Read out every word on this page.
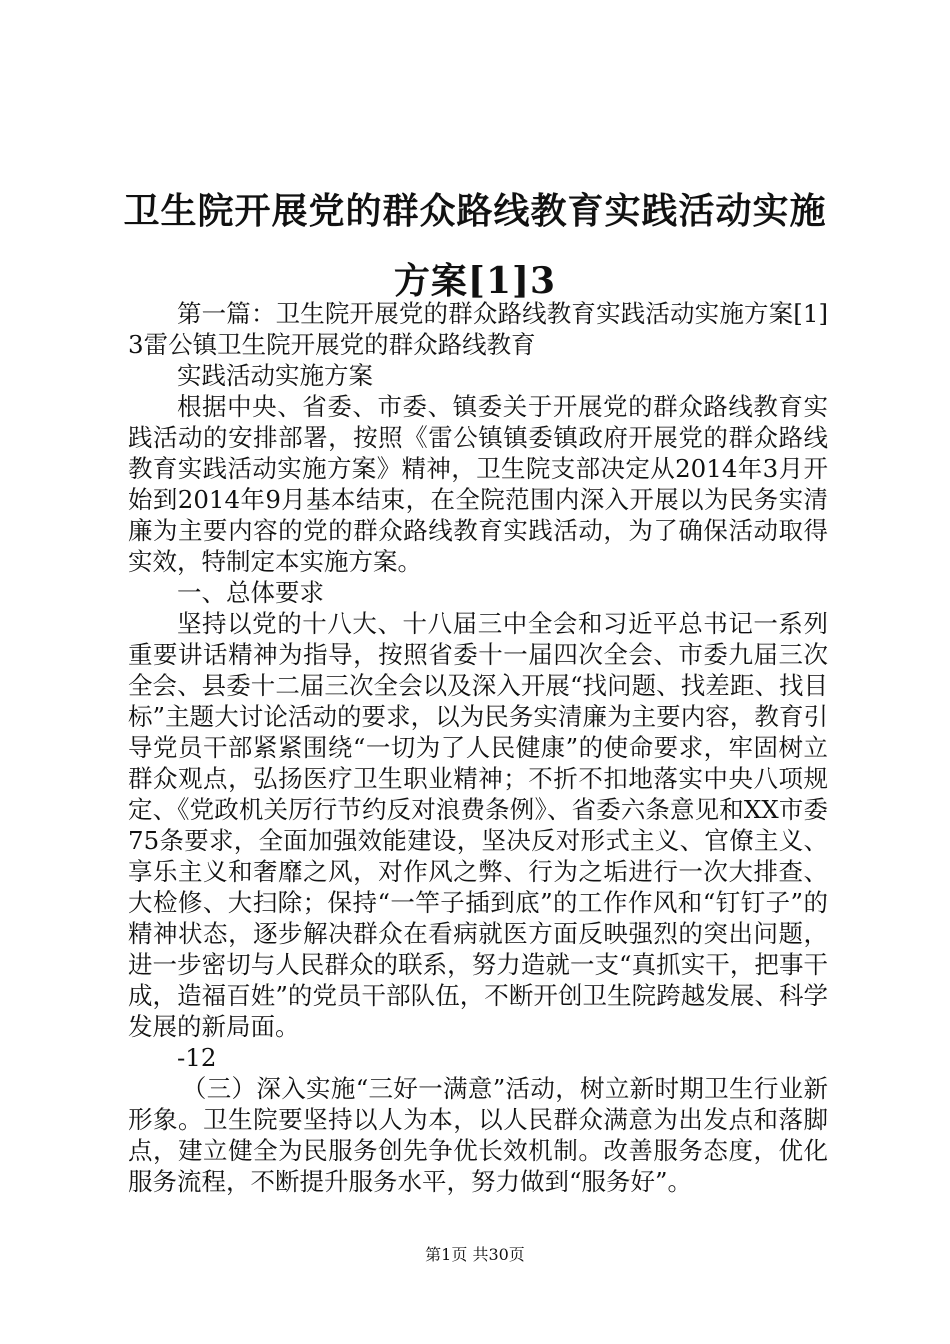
卫生院开展党的群众路线教育实践活动实施方案[1]3

第一篇：卫生院开展党的群众路线教育实践活动实施方案[1]3雷公镇卫生院开展党的群众路线教育

实践活动实施方案

根据中央、省委、市委、镇委关于开展党的群众路线教育实践活动的安排部署，按照《雷公镇镇委镇政府开展党的群众路线教育实践活动实施方案》精神，卫生院支部决定从2014年3月开始到2014年9月基本结束，在全院范围内深入开展以为民务实清廉为主要内容的党的群众路线教育实践活动，为了确保活动取得实效，特制定本实施方案。

一、总体要求

坚持以党的十八大、十八届三中全会和习近平总书记一系列重要讲话精神为指导，按照省委十一届四次全会、市委九届三次全会、县委十二届三次全会以及深入开展“找问题、找差距、找目标”主题大讨论活动的要求，以为民务实清廉为主要内容，教育引导党员干部紧紧围绕“一切为了人民健康”的使命要求，牢固树立群众观点，弘扬医疗卫生职业精神；不折不扣地落实中央八项规定、《党政机关厉行节约反对浪费条例》、省委六条意见和XX市委75条要求，全面加强效能建设，坚决反对形式主义、官僚主义、享乐主义和奢靡之风，对作风之弊、行为之垢进行一次大排查、大检修、大扫除；保持“一竿子插到底”的工作作风和“钉钉子”的精神状态，逐步解决群众在看病就医方面反映强烈的突出问题，进一步密切与人民群众的联系，努力造就一支“真抓实干，把事干成，造福百姓”的党员干部队伍，不断开创卫生院跨越发展、科学发展的新局面。

-12

（三）深入实施“三好一满意”活动，树立新时期卫生行业新形象。卫生院要坚持以人为本，以人民群众满意为出发点和落脚点，建立健全为民服务创先争优长效机制。改善服务态度，优化服务流程，不断提升服务水平，努力做到“服务好”。

第1页 共30页
